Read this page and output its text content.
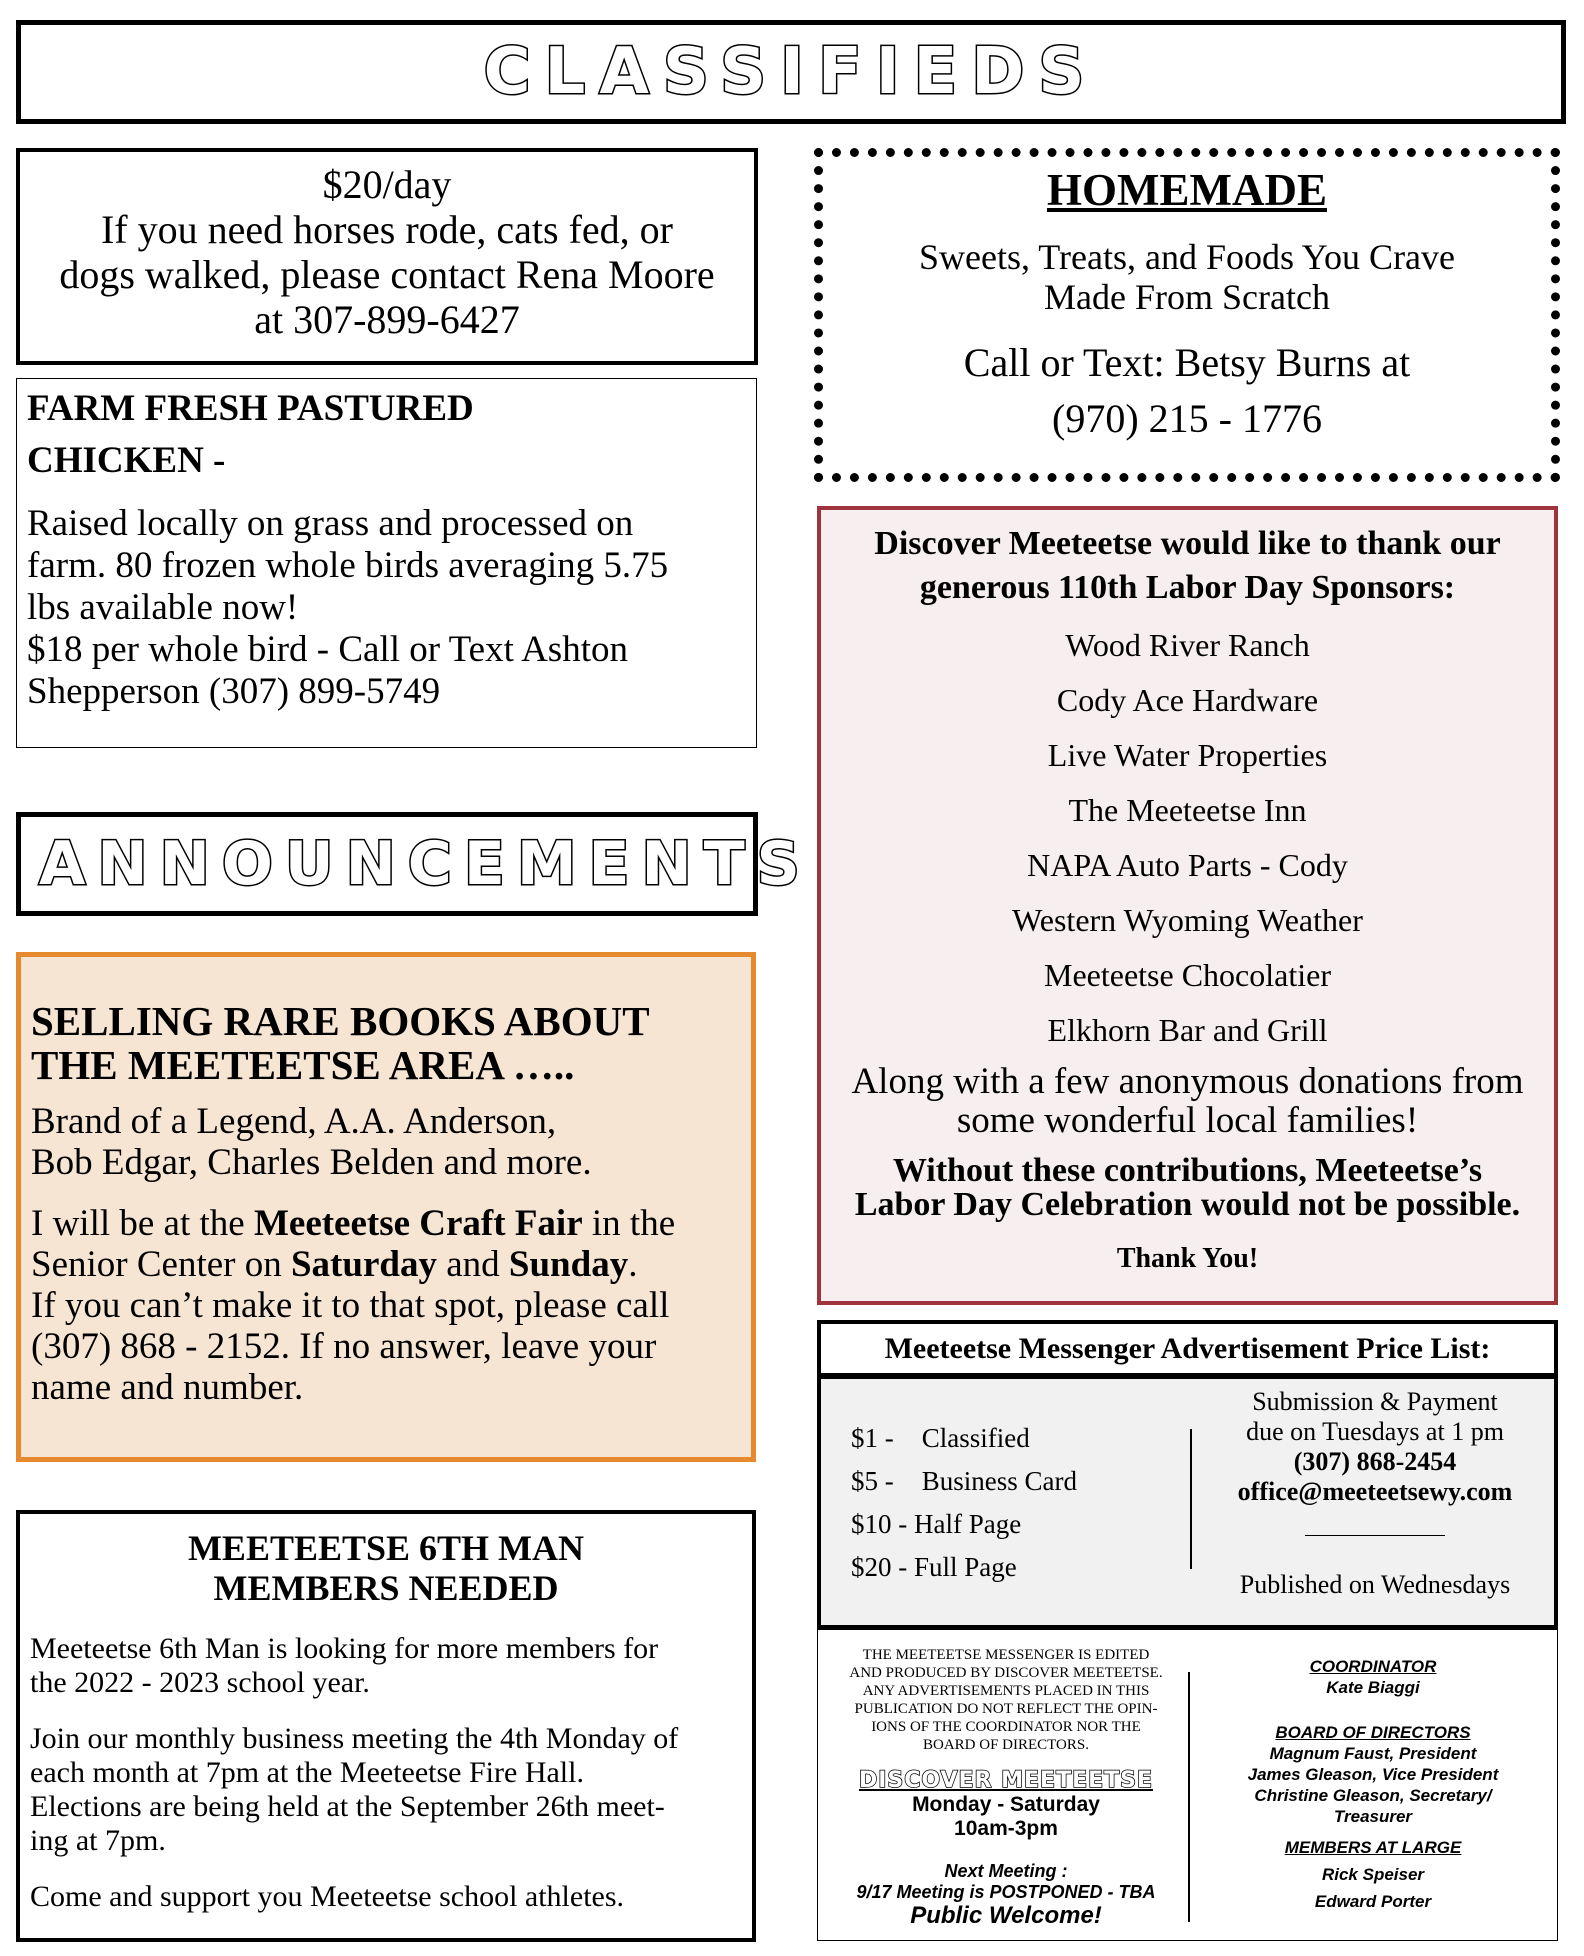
CLASSIFIEDS
$20/day
If you need horses rode, cats fed, or
dogs walked, please contact Rena Moore
at 307-899-6427
FARM FRESH PASTURED
CHICKEN -
Raised locally on grass and processed on
farm. 80 frozen whole birds averaging 5.75
lbs available now!
$18 per whole bird - Call or Text Ashton
Shepperson (307) 899-5749
ANNOUNCEMENTS
SELLING RARE BOOKS ABOUT
THE MEETEETSE AREA …..

Brand of a Legend, A.A. Anderson,
Bob Edgar, Charles Belden and more.

I will be at the Meeteetse Craft Fair in the
Senior Center on Saturday and Sunday.
If you can’t make it to that spot, please call
(307) 868 - 2152. If no answer, leave your
name and number.

MEETEETSE 6TH MAN
MEMBERS NEEDED

Meeteetse 6th Man is looking for more members for
the 2022 - 2023 school year.

Join our monthly business meeting the 4th Monday of
each month at 7pm at the Meeteetse Fire Hall.
Elections are being held at the September 26th meet-
ing at 7pm.

Come and support you Meeteetse school athletes.

HOMEMADE
Sweets, Treats, and Foods You Crave
Made From Scratch
Call or Text: Betsy Burns at
(970) 215 - 1776
Discover Meeteetse would like to thank our
generous 110th Labor Day Sponsors:
Wood River Ranch
Cody Ace Hardware
Live Water Properties
The Meeteetse Inn
NAPA Auto Parts - Cody
Western Wyoming Weather
Meeteetse Chocolatier
Elkhorn Bar and Grill
Along with a few anonymous donations from
some wonderful local families!
Without these contributions, Meeteetse’s
Labor Day Celebration would not be possible.
Thank You!
Meeteetse Messenger Advertisement Price List:
$1 - Classified
$5 - Business Card
$10 - Half Page
$20 - Full Page
Submission & Payment
due on Tuesdays at 1 pm
(307) 868-2454
office@meeteetsewy.com
Published on Wednesdays
THE MEETEETSE MESSENGER IS EDITED
AND PRODUCED BY DISCOVER MEETEETSE.
ANY ADVERTISEMENTS PLACED IN THIS
PUBLICATION DO NOT REFLECT THE OPIN-
IONS OF THE COORDINATOR NOR THE
BOARD OF DIRECTORS.
DISCOVER MEETEETSE
Monday - Saturday
10am-3pm
Next Meeting :
9/17 Meeting is POSTPONED - TBA
Public Welcome!
COORDINATOR
Kate Biaggi
BOARD OF DIRECTORS
Magnum Faust, President
James Gleason, Vice President
Christine Gleason, Secretary/
Treasurer
MEMBERS AT LARGE
Rick Speiser
Edward Porter
